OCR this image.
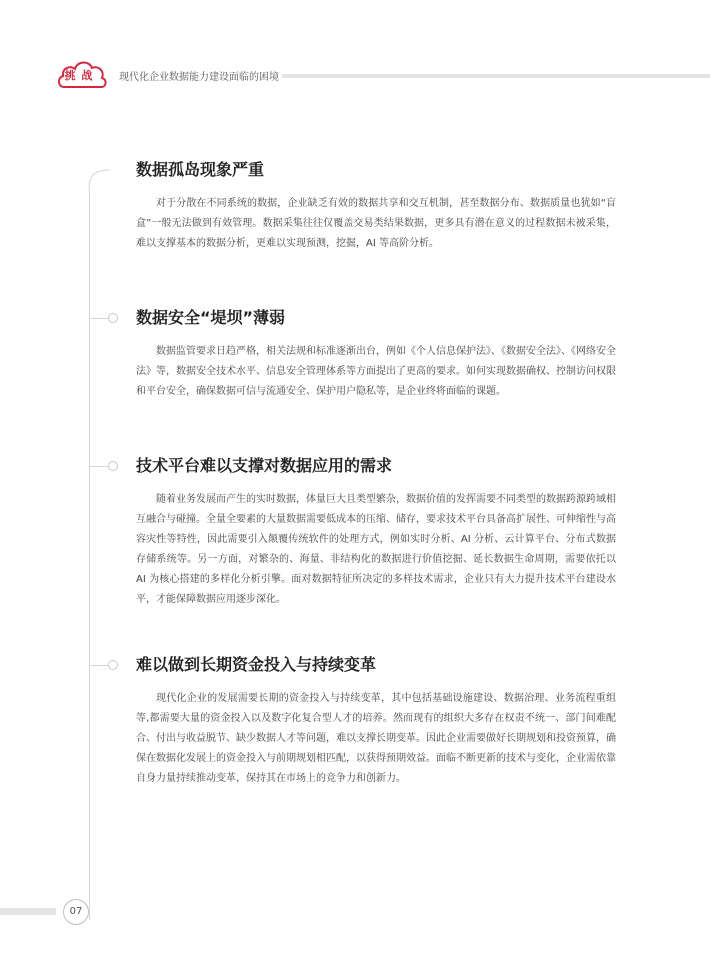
挑 战	现代化企业数据能力建设面临的困境
数据孤岛现象严重

对于分散在不同系统的数据，企业缺乏有效的数据共享和交互机制，甚至数据分布、数据质量也犹如“盲盒”一般无法做到有效管理。数据采集往往仅覆盖交易类结果数据，更多具有潜在意义的过程数据未被采集，难以支撑基本的数据分析，更难以实现预测，挖掘，AI 等高阶分析。

数据安全“堤坝”薄弱

数据监管要求日趋严格，相关法规和标准逐渐出台，例如《个人信息保护法》、《数据安全法》、《网络安全法》等，数据安全技术水平、信息安全管理体系等方面提出了更高的要求。如何实现数据确权、控制访问权限和平台安全，确保数据可信与流通安全、保护用户隐私等，是企业终将面临的课题。

技术平台难以支撑对数据应用的需求

随着业务发展而产生的实时数据，体量巨大且类型繁杂，数据价值的发挥需要不同类型的数据跨源跨域相互融合与碰撞。全量全要素的大量数据需要低成本的压缩、储存，要求技术平台具备高扩展性、可伸缩性与高容灾性等特性，因此需要引入颠覆传统软件的处理方式，例如实时分析、AI 分析、云计算平台、分布式数据存储系统等。另一方面，对繁杂的、海量、非结构化的数据进行价值挖掘、延长数据生命周期，需要依托以 AI 为核心搭建的多样化分析引擎。面对数据特征所决定的多样技术需求，企业只有大力提升技术平台建设水平，才能保障数据应用逐步深化。

难以做到长期资金投入与持续变革

现代化企业的发展需要长期的资金投入与持续变革，其中包括基础设施建设、数据治理、业务流程重组等,都需要大量的资金投入以及数字化复合型人才的培养。然而现有的组织大多存在权责不统一、部门间难配合、付出与收益脱节、缺少数据人才等问题，难以支撑长期变革。因此企业需要做好长期规划和投资预算，确保在数据化发展上的资金投入与前期规划相匹配，以获得预期效益。面临不断更新的技术与变化，企业需依靠自身力量持续推动变革，保持其在市场上的竞争力和创新力。

07
